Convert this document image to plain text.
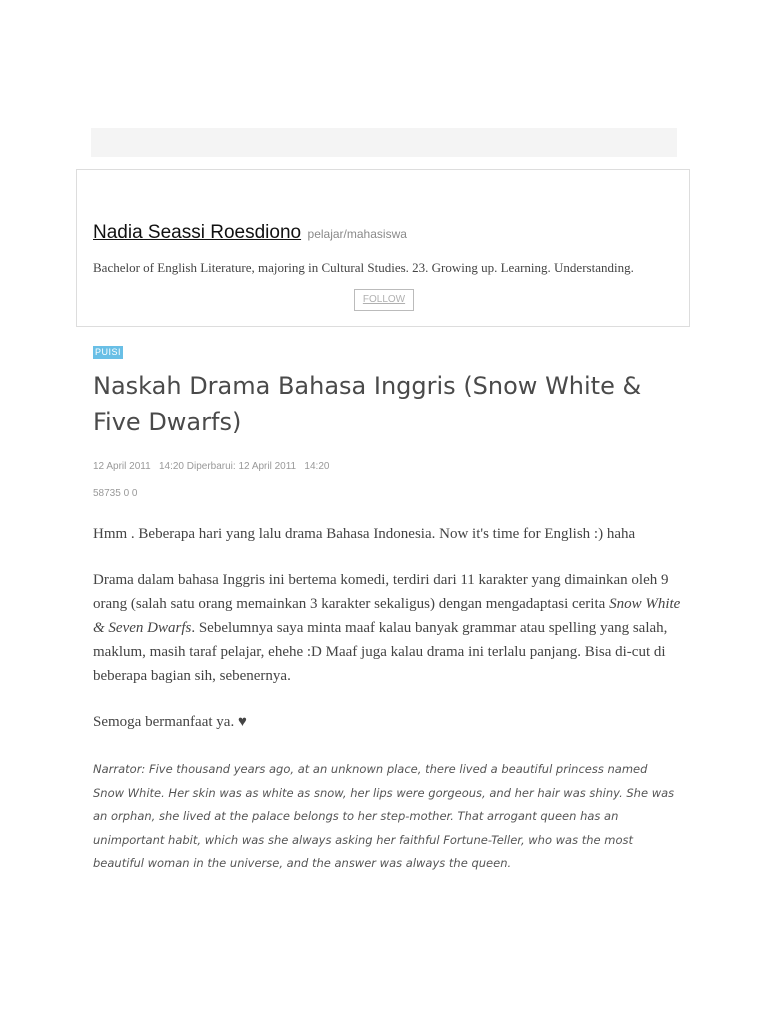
Nadia Seassi Roesdiono pelajar/mahasiswa
Bachelor of English Literature, majoring in Cultural Studies. 23. Growing up. Learning. Understanding.
FOLLOW
PUISI
Naskah Drama Bahasa Inggris (Snow White & Five Dwarfs)
12 April 2011   14:20 Diperbarui: 12 April 2011   14:20
58735 0 0

Hmm . Beberapa hari yang lalu drama Bahasa Indonesia. Now it's time for English :) haha

Drama dalam bahasa Inggris ini bertema komedi, terdiri dari 11 karakter yang dimainkan oleh 9 orang (salah satu orang memainkan 3 karakter sekaligus) dengan mengadaptasi cerita Snow White & Seven Dwarfs. Sebelumnya saya minta maaf kalau banyak grammar atau spelling yang salah, maklum, masih taraf pelajar, ehehe :D Maaf juga kalau drama ini terlalu panjang. Bisa di-cut di beberapa bagian sih, sebenernya.

Semoga bermanfaat ya. ♥

Narrator: Five thousand years ago, at an unknown place, there lived a beautiful princess named Snow White. Her skin was as white as snow, her lips were gorgeous, and her hair was shiny. She was an orphan, she lived at the palace belongs to her step-mother. That arrogant queen has an unimportant habit, which was she always asking her faithful Fortune-Teller, who was the most beautiful woman in the universe, and the answer was always the queen.
